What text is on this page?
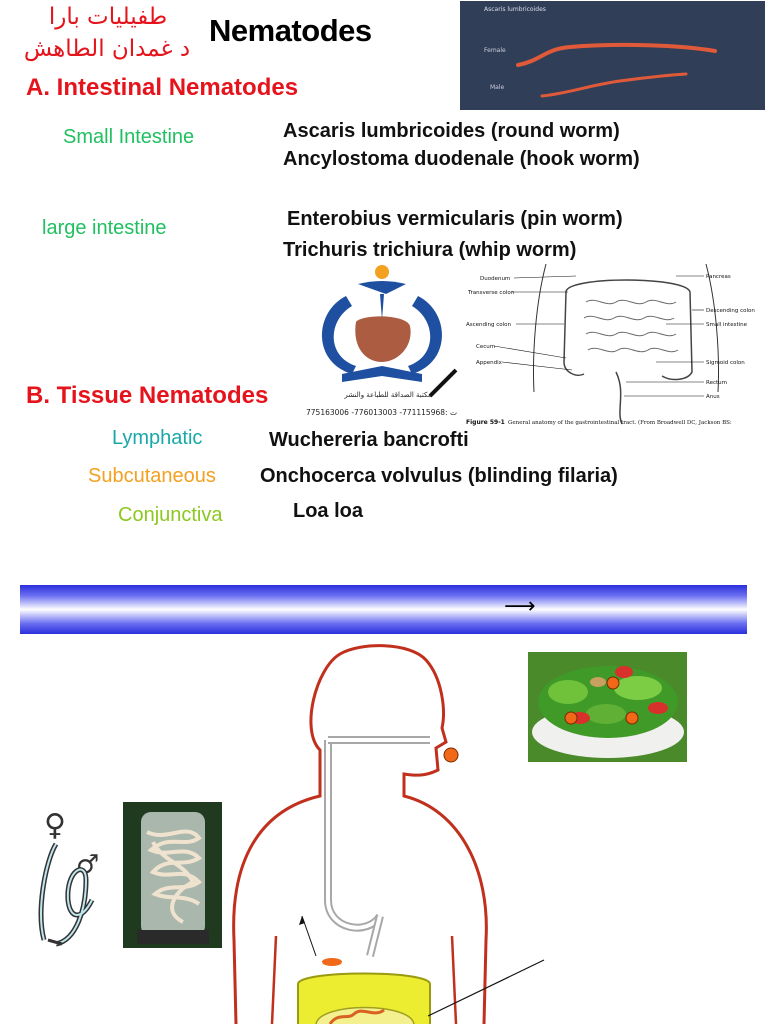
طفيليات بارا
د غمدان الطاهش
Nematodes
Ascaris lumbricoides
Female
Male
A. Intestinal Nematodes
Small Intestine	Ascaris lumbricoides (round worm)
Ancylostoma duodenale (hook worm)
large intestine	Enterobius vermicularis (pin worm)
Trichuris trichiura (whip worm)
مكتبة الصداقة للطباعة والنشر
775163006 -776013003 -771115968: ت
Duodenum
Transverse colon
Ascending colon
Cecum
Appendix
Pancreas
Descending colon
Small intestine
Sigmoid colon
Rectum
Anus
Figure 59-1 General anatomy of the gastrointestinal tract. (From Broadwell DC, Jackson BS:
B. Tissue Nematodes
Lymphatic	Wuchereria bancrofti
Subcutaneous Onchocerca volvulus (blinding filaria)
Conjunctiva	Loa loa
⟶
♀
♂
